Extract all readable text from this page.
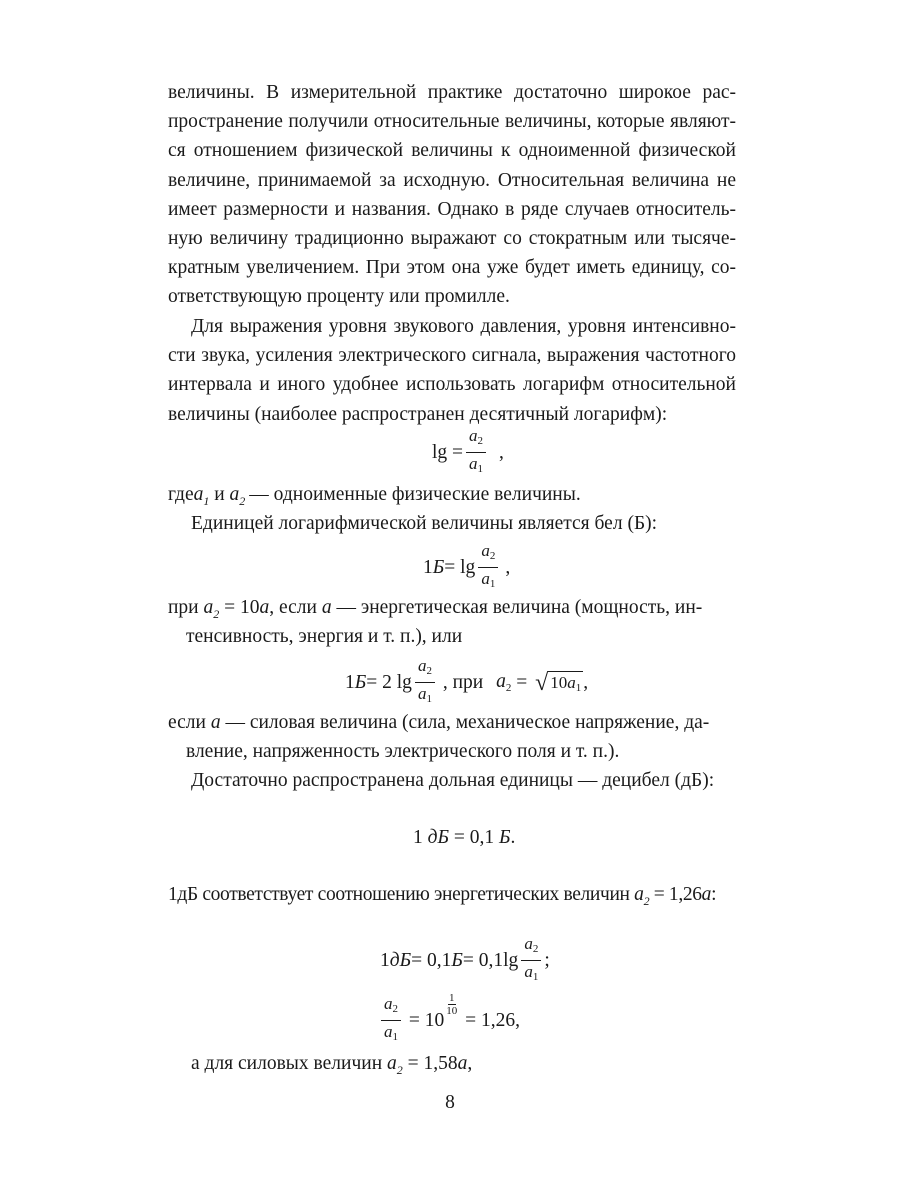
величины. В измерительной практике достаточно широкое рас-
пространение получили относительные величины, которые являют-
ся отношением физической величины к одноименной физической
величине, принимаемой за исходную. Относительная величина не
имеет размерности и названия. Однако в ряде случаев относитель-
ную величину традиционно выражают со стократным или тысяче-
кратным увеличением. При этом она уже будет иметь единицу, со-
ответствующую проценту или промилле.
Для выражения уровня звукового давления, уровня интенсивно-
сти звука, усиления электрического сигнала, выражения частотного
интервала и иного удобнее использовать логарифм относительной
величины (наиболее распространен десятичный логарифм):
$\lg = \frac{a_2}{a_1}$ ,
гдеa$_1$ и $a_2$ — одноименные физические величины.
Единицей логарифмической величины является бел (Б):
1 $Б = \lg \frac{a_2}{a_1}$ ,
при $a_2 = 10a$, если a — энергетическая величина (мощность, ин-
тенсивность, энергия и т. п.), или
1 Б = 2 $\lg \frac{a_2}{a_1}$ , при $a_2$ = √ $10a_1$ ,
если a — силовая величина (сила, механическое напряжение, да-
вление, напряженность электрического поля и т. п.).
Достаточно распространена дольная единицы — децибел (дБ):
1 дБ = 0,1 Б .
1дБ соответствует соотношению энергетических величин $a_2 = 1,26a$:
1 дБ = 0,1 $Б = 0,1\lg \frac{a_2}{a_1}$ ;
$\frac{a_2}{a_1} = 10$
$\frac{1}{10}$
= 1,26,
а для силовых величин $a_2 = 1,58a$,
8
